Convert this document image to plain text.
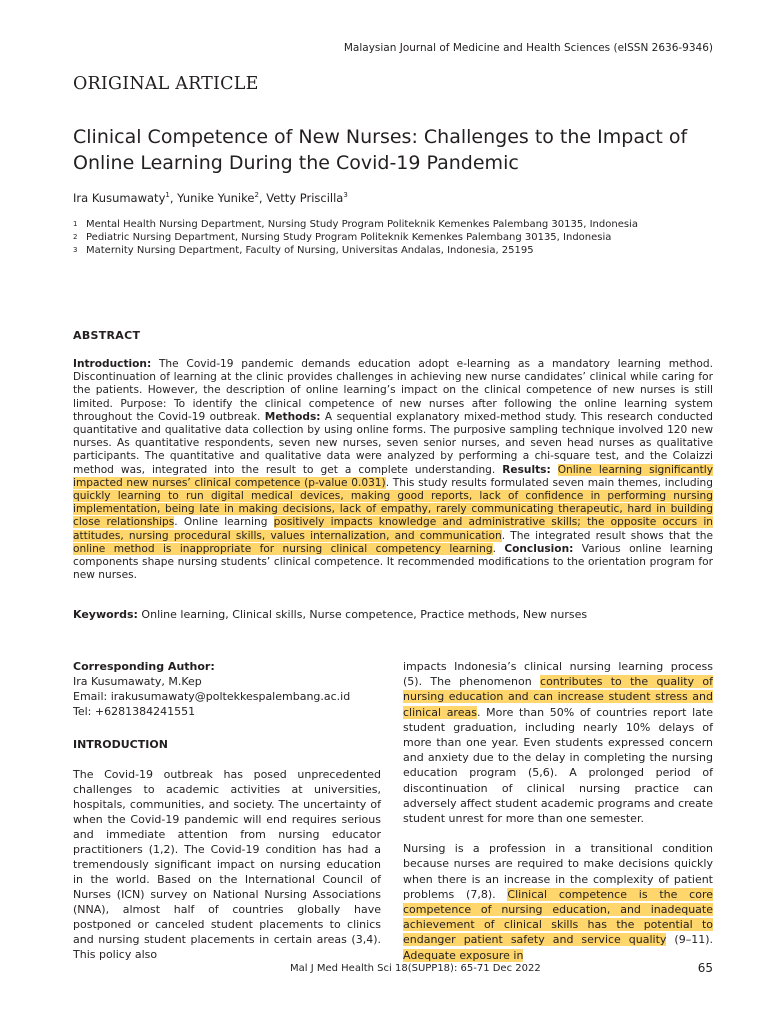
Malaysian Journal of Medicine and Health Sciences (eISSN 2636-9346)
ORIGINAL ARTICLE
Clinical Competence of New Nurses: Challenges to the Impact of Online Learning During the Covid-19 Pandemic
Ira Kusumawaty$^1$, Yunike Yunike$^2$, Vetty Priscilla$^3$
1 Mental Health Nursing Department, Nursing Study Program Politeknik Kemenkes Palembang 30135, Indonesia
2 Pediatric Nursing Department, Nursing Study Program Politeknik Kemenkes Palembang 30135, Indonesia
3 Maternity Nursing Department, Faculty of Nursing, Universitas Andalas, Indonesia, 25195
ABSTRACT

Introduction: The Covid-19 pandemic demands education adopt e-learning as a mandatory learning method. Discontinuation of learning at the clinic provides challenges in achieving new nurse candidates’ clinical while caring for the patients. However, the description of online learning’s impact on the clinical competence of new nurses is still limited. Purpose: To identify the clinical competence of new nurses after following the online learning system throughout the Covid-19 outbreak. Methods: A sequential explanatory mixed-method study. This research conducted quantitative and qualitative data collection by using online forms. The purposive sampling technique involved 120 new nurses. As quantitative respondents, seven new nurses, seven senior nurses, and seven head nurses as qualitative participants. The quantitative and qualitative data were analyzed by performing a chi-square test, and the Colaizzi method was, integrated into the result to get a complete understanding. Results: Online learning significantly impacted new nurses’ clinical competence (p-value 0.031). This study results formulated seven main themes, including quickly learning to run digital medical devices, making good reports, lack of confidence in performing nursing implementation, being late in making decisions, lack of empathy, rarely communicating therapeutic, hard in building close relationships. Online learning positively impacts knowledge and administrative skills; the opposite occurs in attitudes, nursing procedural skills, values internalization, and communication. The integrated result shows that the online method is inappropriate for nursing clinical competency learning. Conclusion: Various online learning components shape nursing students’ clinical competence. It recommended modifications to the orientation program for new nurses.

Keywords: Online learning, Clinical skills, Nurse competence, Practice methods, New nurses
Corresponding Author:
Ira Kusumawaty, M.Kep
Email: irakusumawaty@poltekkespalembang.ac.id
Tel: +6281384241551
INTRODUCTION

The Covid-19 outbreak has posed unprecedented challenges to academic activities at universities, hospitals, communities, and society. The uncertainty of when the Covid-19 pandemic will end requires serious and immediate attention from nursing educator practitioners (1,2). The Covid-19 condition has had a tremendously significant impact on nursing education in the world. Based on the International Council of Nurses (ICN) survey on National Nursing Associations (NNA), almost half of countries globally have postponed or canceled student placements to clinics and nursing student placements in certain areas (3,4). This policy also

impacts Indonesia’s clinical nursing learning process (5). The phenomenon contributes to the quality of nursing education and can increase student stress and clinical areas. More than 50% of countries report late student graduation, including nearly 10% delays of more than one year. Even students expressed concern and anxiety due to the delay in completing the nursing education program (5,6). A prolonged period of discontinuation of clinical nursing practice can adversely affect student academic programs and create student unrest for more than one semester.

Nursing is a profession in a transitional condition because nurses are required to make decisions quickly when there is an increase in the complexity of patient problems (7,8). Clinical competence is the core competence of nursing education, and inadequate achievement of clinical skills has the potential to endanger patient safety and service quality (9–11). Adequate exposure in

Mal J Med Health Sci 18(SUPP18): 65-71 Dec 2022	65
